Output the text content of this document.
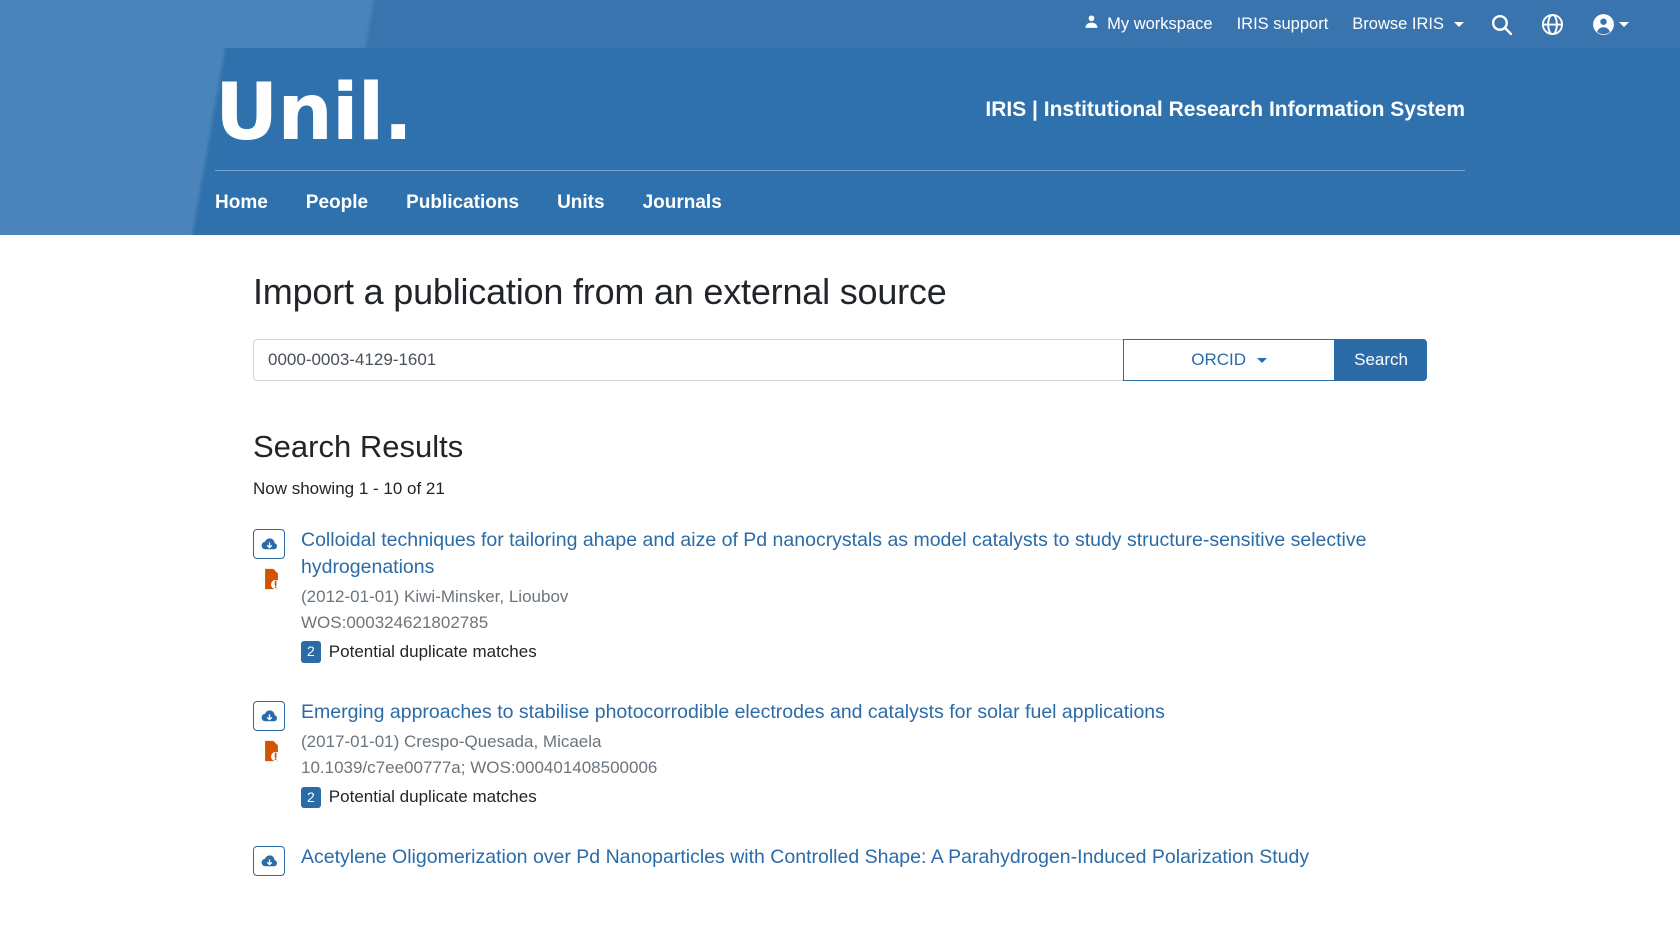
My workspace IRIS support Browse IRIS
Unil.	IRIS | Institutional Research Information System
Home People Publications Units Journals
Import a publication from an external source
0000-0003-4129-1601
ORCID	Search
Search Results
Now showing 1 - 10 of 21
Colloidal techniques for tailoring ahape and aize of Pd nanocrystals as model catalysts to study structure-sensitive selective hydrogenations
(2012-01-01) Kiwi-Minsker, Lioubov
WOS:000324621802785
2 Potential duplicate matches
Emerging approaches to stabilise photocorrodible electrodes and catalysts for solar fuel applications
(2017-01-01) Crespo-Quesada, Micaela
10.1039/c7ee00777a; WOS:000401408500006
2 Potential duplicate matches
Acetylene Oligomerization over Pd Nanoparticles with Controlled Shape: A Parahydrogen-Induced Polarization Study
